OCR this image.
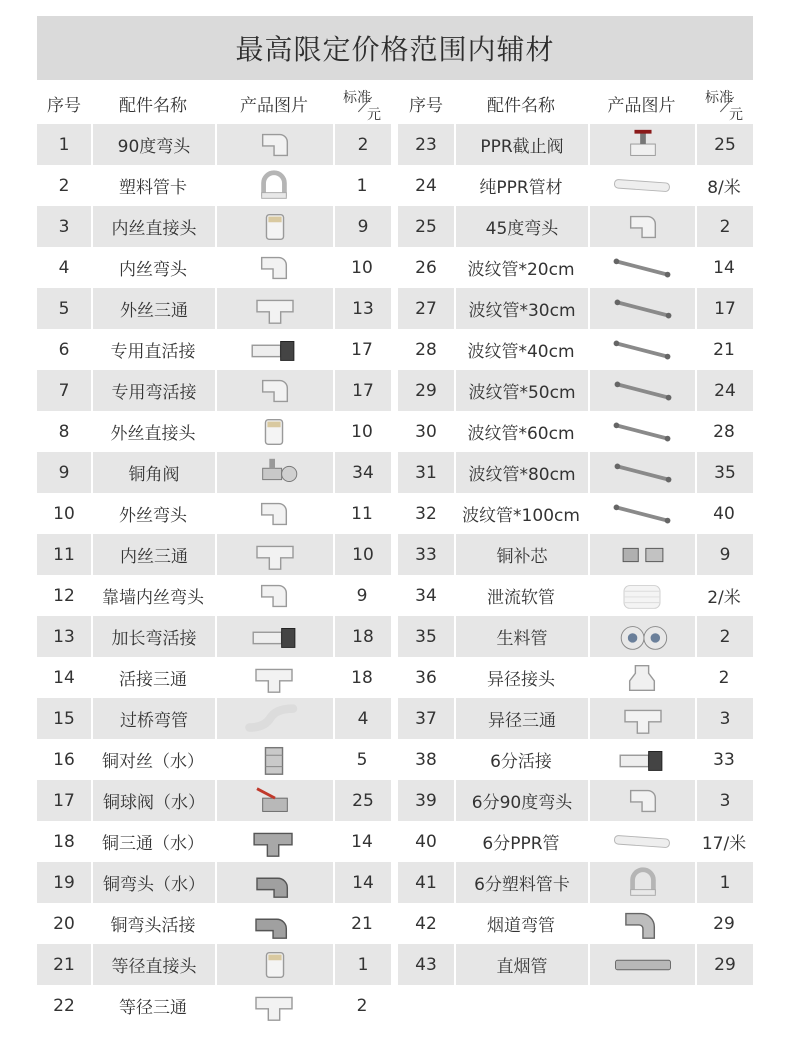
最高限定价格范围内辅材
序号	配件名称	产品图片	标准
元
1	90度弯头	2
2	塑料管卡	1
3	内丝直接头	9
4	内丝弯头	10
5	外丝三通	13
6	专用直活接	17
7	专用弯活接	17
8	外丝直接头	10
9	铜角阀	34
10	外丝弯头	11
11	内丝三通	10
12	靠墙内丝弯头	9
13	加长弯活接	18
14	活接三通	18
15	过桥弯管	4
16	铜对丝（水）	5
17	铜球阀（水）	25
18	铜三通（水）	14
19	铜弯头（水）	14
20	铜弯头活接	21
21	等径直接头	1
22	等径三通	2
序号	配件名称	产品图片	标准
元
23	PPR截止阀	25
24	纯PPR管材	8/米
25	45度弯头	2
26	波纹管*20cm	14
27	波纹管*30cm	17
28	波纹管*40cm	21
29	波纹管*50cm	24
30	波纹管*60cm	28
31	波纹管*80cm	35
32	波纹管*100cm	40
33	铜补芯	9
34	泄流软管	2/米
35	生料管	2
36	异径接头	2
37	异径三通	3
38	6分活接	33
39	6分90度弯头	3
40	6分PPR管	17/米
41	6分塑料管卡	1
42	烟道弯管	29
43	直烟管	29
